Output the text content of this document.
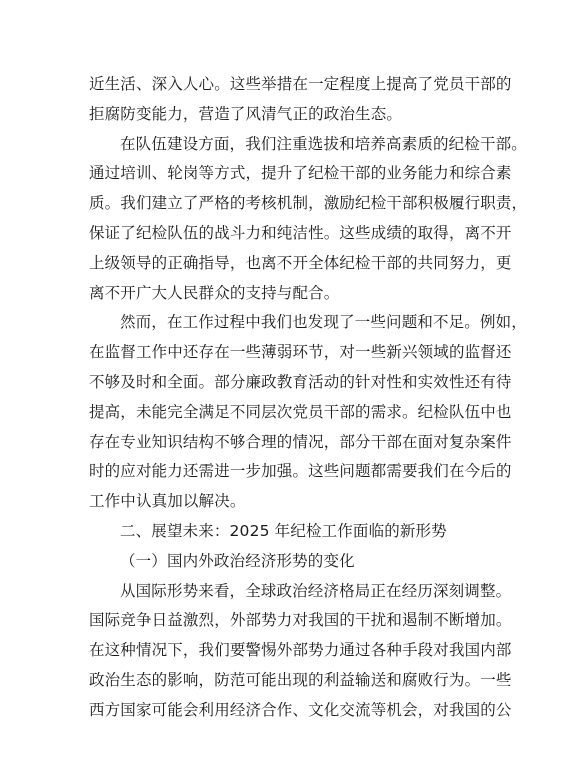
近生活、深入人心。这些举措在一定程度上提高了党员干部的
拒腐防变能力，营造了风清气正的政治生态。
在队伍建设方面，我们注重选拔和培养高素质的纪检干部。
通过培训、轮岗等方式，提升了纪检干部的业务能力和综合素
质。我们建立了严格的考核机制，激励纪检干部积极履行职责，
保证了纪检队伍的战斗力和纯洁性。这些成绩的取得，离不开
上级领导的正确指导，也离不开全体纪检干部的共同努力，更
离不开广大人民群众的支持与配合。
然而，在工作过程中我们也发现了一些问题和不足。例如，
在监督工作中还存在一些薄弱环节，对一些新兴领域的监督还
不够及时和全面。部分廉政教育活动的针对性和实效性还有待
提高，未能完全满足不同层次党员干部的需求。纪检队伍中也
存在专业知识结构不够合理的情况，部分干部在面对复杂案件
时的应对能力还需进一步加强。这些问题都需要我们在今后的
工作中认真加以解决。
二、展望未来：2025 年纪检工作面临的新形势
（一）国内外政治经济形势的变化
从国际形势来看，全球政治经济格局正在经历深刻调整。
国际竞争日益激烈，外部势力对我国的干扰和遏制不断增加。
在这种情况下，我们要警惕外部势力通过各种手段对我国内部
政治生态的影响，防范可能出现的利益输送和腐败行为。一些
西方国家可能会利用经济合作、文化交流等机会，对我国的公
